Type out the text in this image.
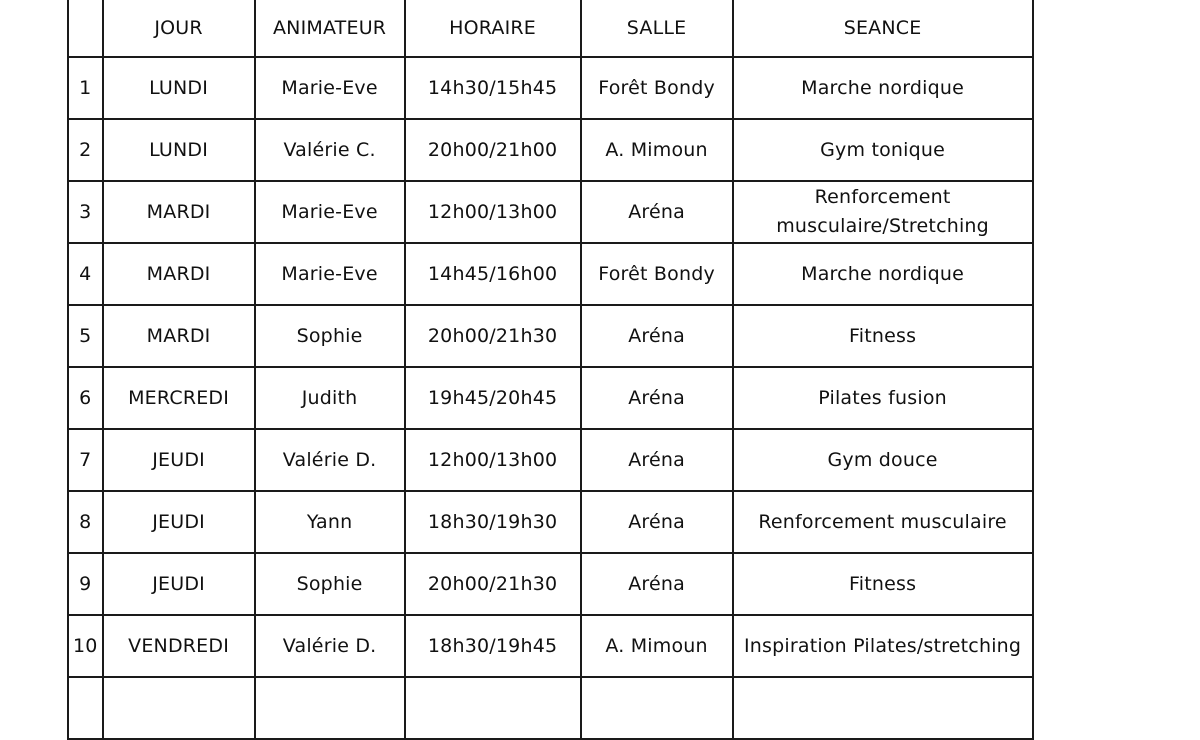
	JOUR	ANIMATEUR	HORAIRE	SALLE	SEANCE
1	LUNDI	Marie-Eve	14h30/15h45	Forêt Bondy	Marche nordique
2	LUNDI	Valérie C.	20h00/21h00	A. Mimoun	Gym tonique
3	MARDI	Marie-Eve	12h00/13h00	Aréna	Renforcement
musculaire/Stretching
4	MARDI	Marie-Eve	14h45/16h00	Forêt Bondy	Marche nordique
5	MARDI	Sophie	20h00/21h30	Aréna	Fitness
6	MERCREDI	Judith	19h45/20h45	Aréna	Pilates fusion
7	JEUDI	Valérie D.	12h00/13h00	Aréna	Gym douce
8	JEUDI	Yann	18h30/19h30	Aréna	Renforcement musculaire
9	JEUDI	Sophie	20h00/21h30	Aréna	Fitness
10	VENDREDI	Valérie D.	18h30/19h45	A. Mimoun	Inspiration Pilates/stretching
